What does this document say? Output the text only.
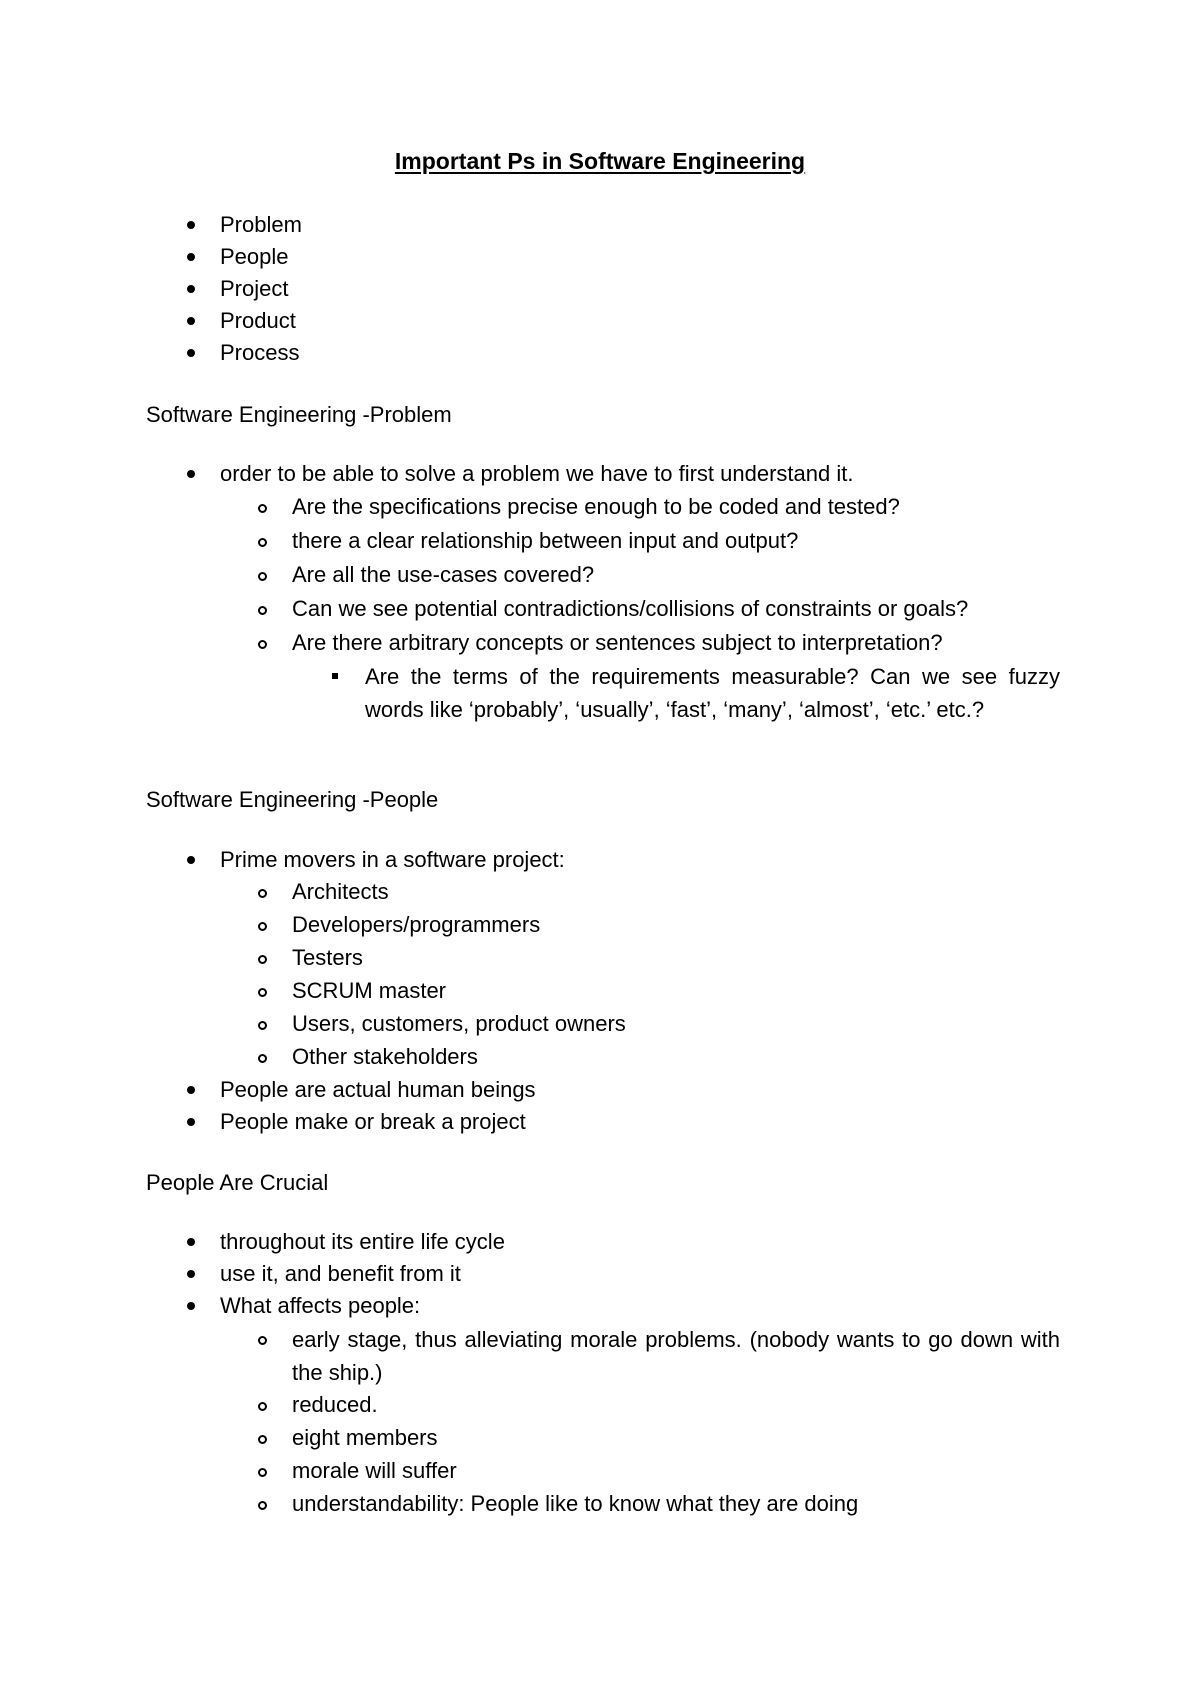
Important Ps in Software Engineering
Problem
People
Project
Product
Process
Software Engineering -Problem
order to be able to solve a problem we have to first understand it.
Are the specifications precise enough to be coded and tested?
there a clear relationship between input and output?
Are all the use-cases covered?
Can we see potential contradictions/collisions of constraints or goals?
Are there arbitrary concepts or sentences subject to interpretation?
Are the terms of the requirements measurable? Can we see fuzzy words like ‘probably’, ‘usually’, ‘fast’, ‘many’, ‘almost’, ‘etc.’ etc.?
Software Engineering -People
Prime movers in a software project:
Architects
Developers/programmers
Testers
SCRUM master
Users, customers, product owners
Other stakeholders
People are actual human beings
People make or break a project
People Are Crucial
throughout its entire life cycle
use it, and benefit from it
What affects people:
early stage, thus alleviating morale problems. (nobody wants to go down with the ship.)
reduced.
eight members
morale will suffer
understandability: People like to know what they are doing
